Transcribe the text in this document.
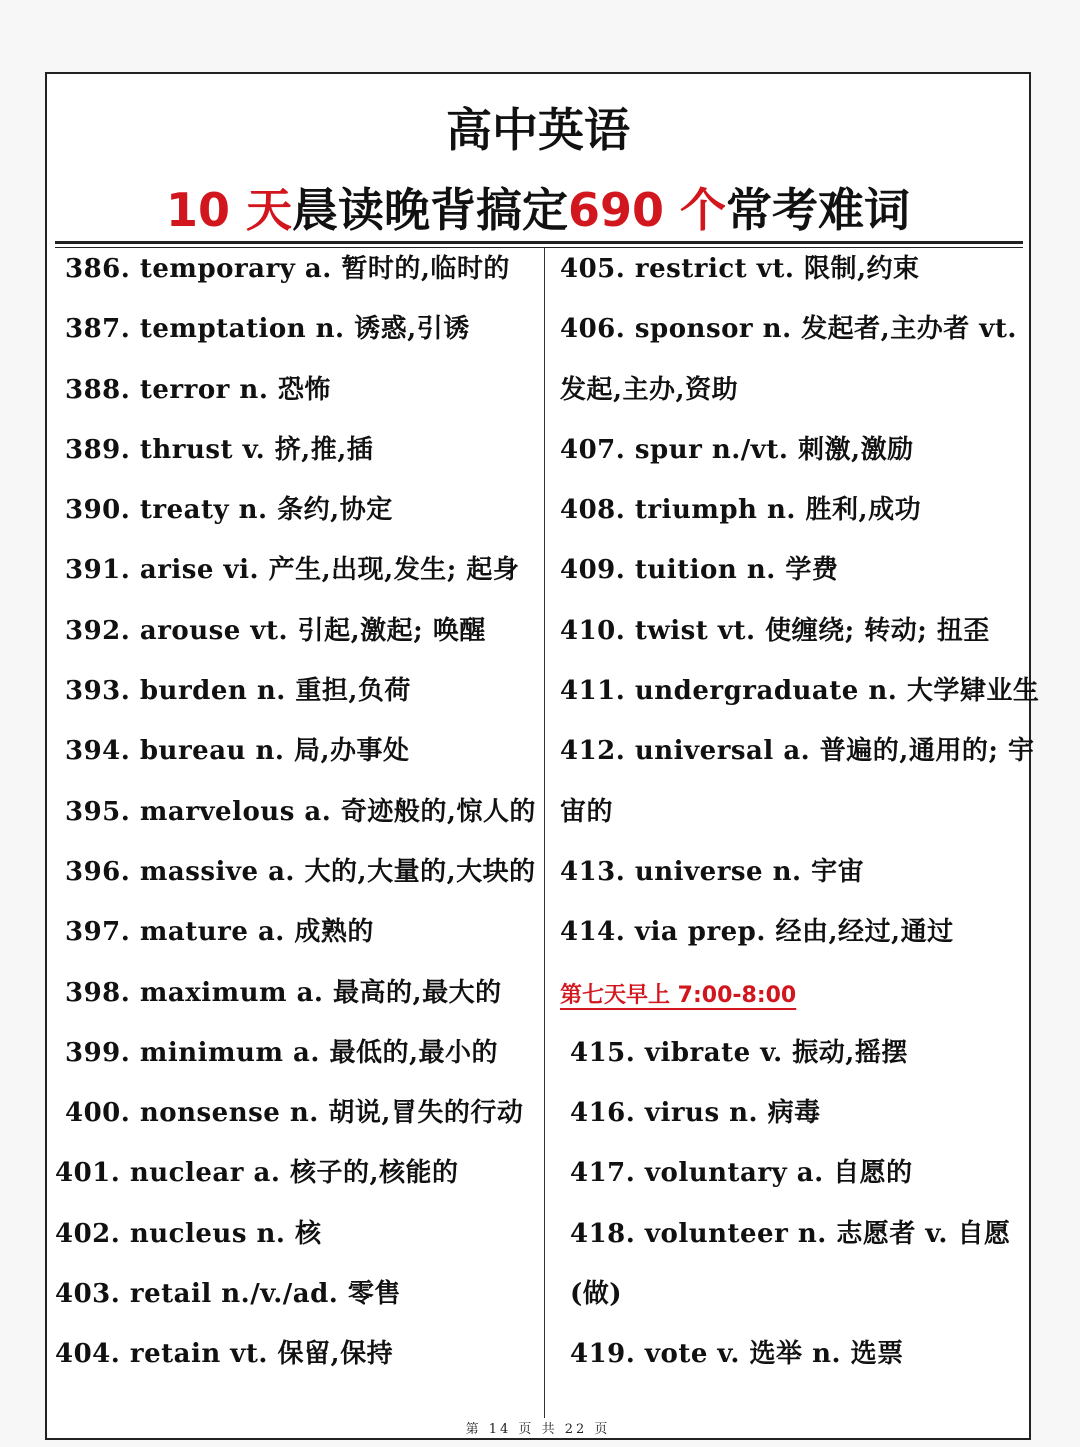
高中英语
10 天晨读晚背搞定690 个常考难词
386. temporary a. 暂时的,临时的
387. temptation n. 诱惑,引诱
388. terror n. 恐怖
389. thrust v. 挤,推,插
390. treaty n. 条约,协定
391. arise vi. 产生,出现,发生; 起身
392. arouse vt. 引起,激起; 唤醒
393. burden n. 重担,负荷
394. bureau n. 局,办事处
395. marvelous a. 奇迹般的,惊人的
396. massive a. 大的,大量的,大块的
397. mature a. 成熟的
398. maximum a. 最高的,最大的
399. minimum a. 最低的,最小的
400. nonsense n. 胡说,冒失的行动
401. nuclear a. 核子的,核能的
402. nucleus n. 核
403. retail n./v./ad. 零售
404. retain vt. 保留,保持
405. restrict vt. 限制,约束
406. sponsor n. 发起者,主办者 vt.
发起,主办,资助
407. spur n./vt. 刺激,激励
408. triumph n. 胜利,成功
409. tuition n. 学费
410. twist vt. 使缠绕; 转动; 扭歪
411. undergraduate n. 大学肄业生
412. universal a. 普遍的,通用的; 宇
宙的
413. universe n. 宇宙
414. via prep. 经由,经过,通过
第七天早上 7:00-8:00
415. vibrate v. 振动,摇摆
416. virus n. 病毒
417. voluntary a. 自愿的
418. volunteer n. 志愿者 v. 自愿
(做)
419. vote v. 选举 n. 选票
第 14 页 共 22 页
